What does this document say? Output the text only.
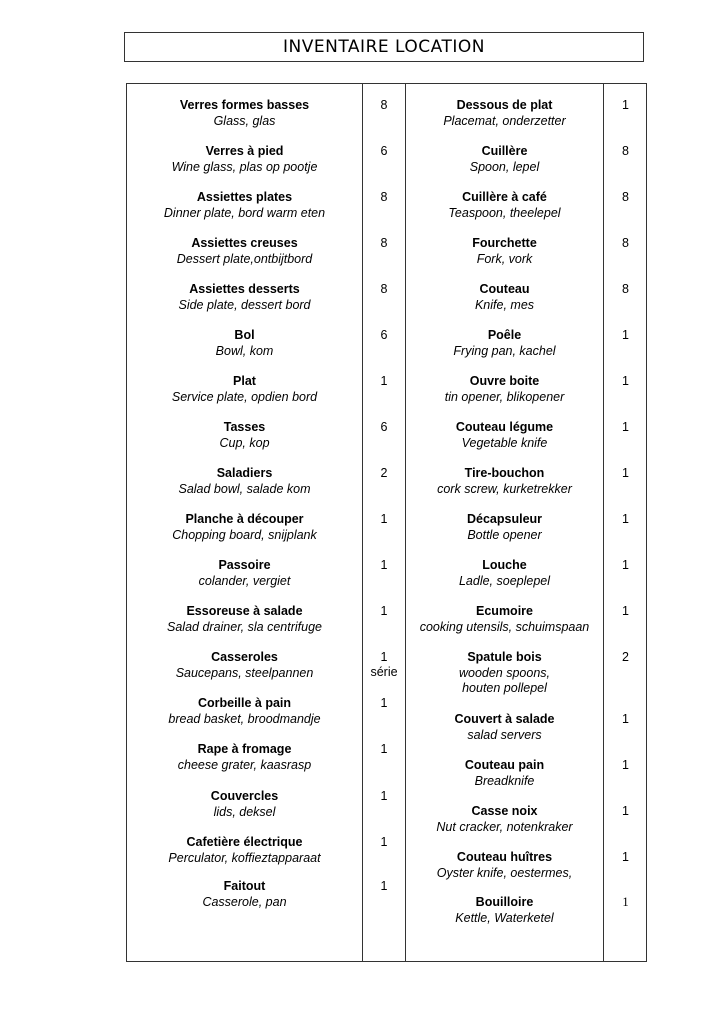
INVENTAIRE LOCATION
Verres formes basses
Glass, glas
Verres à pied
Wine glass, plas op pootje
Assiettes plates
Dinner plate, bord warm eten
Assiettes creuses
Dessert plate,ontbijtbord
Assiettes desserts
Side plate, dessert bord
Bol
Bowl, kom
Plat
Service plate, opdien bord
Tasses
Cup, kop
Saladiers
Salad bowl, salade kom
Planche à découper
Chopping board, snijplank
Passoire
colander, vergiet
Essoreuse à salade
Salad drainer, sla centrifuge
Casseroles
Saucepans, steelpannen
Corbeille à pain
bread basket, broodmandje
Rape à fromage
cheese grater, kaasrasp
Couvercles
lids, deksel
Cafetière électrique
Perculator, koffieztapparaat
Faitout
Casserole, pan
8
6
8
8
8
6
1
6
2
1
1
1
1
série
1
1
1
1
1
Dessous de plat
Placemat, onderzetter
Cuillère
Spoon, lepel
Cuillère à café
Teaspoon, theelepel
Fourchette
Fork, vork
Couteau
Knife, mes
Poêle
Frying pan, kachel
Ouvre boite
tin opener, blikopener
Couteau légume
Vegetable knife
Tire-bouchon
cork screw, kurketrekker
Décapsuleur
Bottle opener
Louche
Ladle, soeplepel
Ecumoire
cooking utensils, schuimspaan
Spatule bois
wooden spoons,
houten pollepel
Couvert à salade
salad servers
Couteau pain
Breadknife
Casse noix
Nut cracker, notenkraker
Couteau huîtres
Oyster knife, oestermes,
Bouilloire
Kettle, Waterketel
1
8
8
8
8
1
1
1
1
1
1
1
2
1
1
1
1
1
